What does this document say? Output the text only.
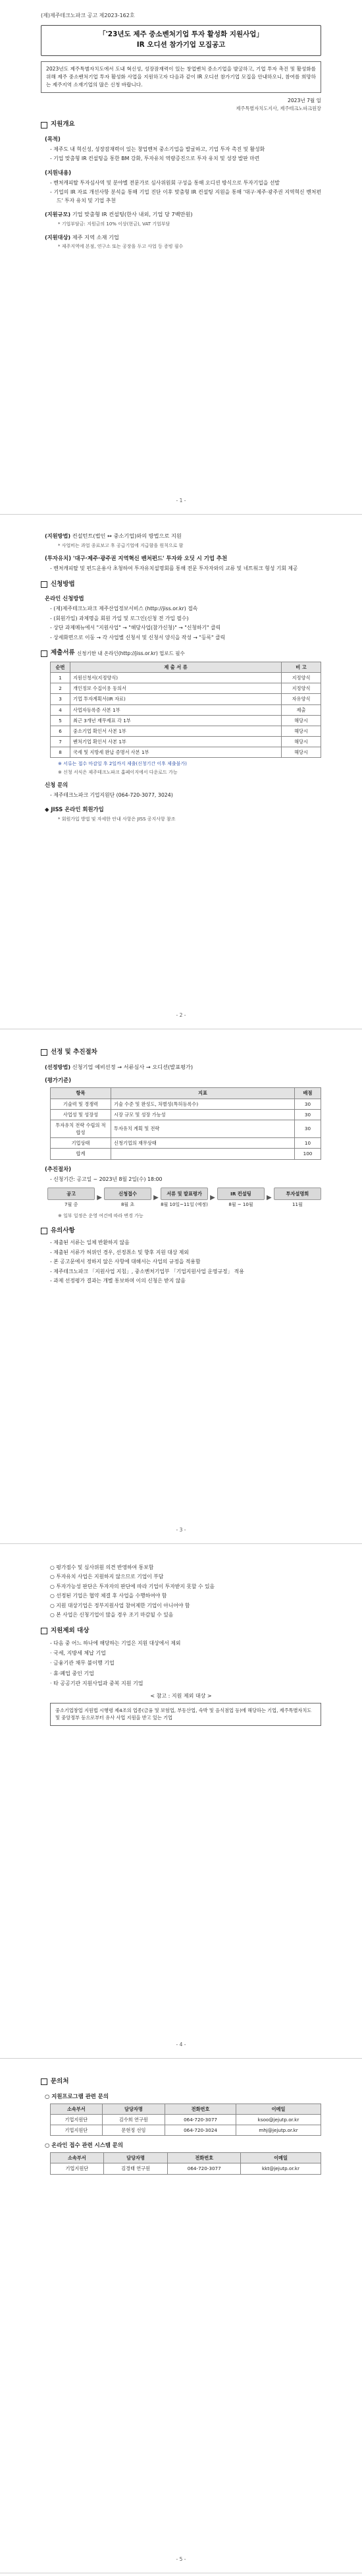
(제)제주테크노파크 공고 제2023-162호
「'23년도 제주 중소벤처기업 투자 활성화 지원사업」
IR 오디션 참가기업 모집공고
2023년도 제주특별자치도에서 도내 혁신성, 성장잠재력이 있는 창업벤처 중소기업을 발굴하고, 기업 투자 촉진 및 활성화를 위해 제주 중소벤처기업 투자 활성화 사업을 지원하고자 다음과 같이 IR 오디션 참가기업 모집을 안내하오니, 참여를 희망하는 제주지역 소재기업의 많은 신청 바랍니다.
2023년 7월 일
제주특별자치도지사, 제주테크노파크원장
지원개요
(목적)
- 제주도 내 혁신성, 성장잠재력이 있는 창업벤처 중소기업을 발굴하고, 기업 투자 촉진 및 활성화
- 기업 맞춤형 IR 컨설팅을 통한 BM 강화, 투자유치 역량증진으로 투자 유치 및 성장 발판 마련
(지원내용)
- 벤처캐피탈 투자심사역 및 분야별 전문가로 심사위원회 구성을 통해 오디션 방식으로 투자기업을 선발
- 기업의 IR 자료 개선사항 분석을 통해 기업 진단 이후 맞춤형 IR 컨설팅 지원을 통해 '대구·제주·광주권 지역혁신 벤처펀드' 투자 유치 및 기업 추천
(지원규모) 기업 맞춤형 IR 컨설팅(한사 내외, 기업 당 7백만원)
* 기업부담금: 지원금의 10% 이상(현금), VAT 기업부담
(지원대상) 제주 지역 소재 기업
* 제주지역에 본점, 연구소 또는 공장을 두고 사업 등 증빙 필수
- 1 -
(지원방법) 컨설턴트(법인 ↔ 중소기업)와의 방법으로 지원
* 사업비는 과업 종료보고 후 공급기업에 지급함을 원칙으로 함
(투자유치) '대구·제주·광주권 지역혁신 벤처펀드' 투자와 오딧 시 기업 추천
- 벤처캐피탈 및 펀드운용사 초청하여 투자유치설명회를 통해 전문 투자자와의 교류 및 네트워크 형성 기회 제공
신청방법
온라인 신청방법
- (제)제주테크노파크 제주산업정보서비스 (http://jiss.or.kr) 접속
- (회원가입) 과제명을 회원 가입 및 로그인(신청 전 가입 필수)
- 상단 과제메뉴에서 "지원사업" → "해당사업(참가신청)" → "신청하기" 클릭
- 상세화면으로 이동 → 각 사업별 신청서 및 신청서 양식을 작성 → "등록" 클릭
제출서류
신청기한 내 온라인(http://jiss.or.kr) 업로드 필수
순번	제 출 서 류	비 고
1	지원신청서(지정양식)	지정양식
2	개인정보 수집이용 동의서	지정양식
3	기업 투자계획서(IR 자료)	자유양식
4	사업자등록증 사본 1부	제출
5	최근 3개년 재무제표 각 1부	해당시
6	중소기업 확인서 사본 1부	해당시
7	벤처기업 확인서 사본 1부	해당시
8	국세 및 지방세 완납 증명서 사본 1부	해당시
※ 서류는 접수 마감일 후 2일까지 제출(신청기간 이후 제출불가)
※ 신청 서식은 제주테크노파크 홈페이지에서 다운로드 가능
신청 문의
- 제주테크노파크 기업지원단 (064-720-3077, 3024)
◆ JISS 온라인 회원가입
* 회원가입 방법 및 자세한 안내 사항은 JISS 공지사항 참조
- 2 -
선정 및 추진절차
(선정방법) 신청기업 예비선정 → 서류심사 → 오디션(발표평가)
(평가기준)
항목	지표	배점
기술력 및 경쟁력	기술 수준 및 완성도, 차별성(특허등록수)	30
사업성 및 성장성	시장 규모 및 성장 가능성	30
투자유치 전략 수립의 적합성	투자유치 계획 및 전략	30
기업상태	신청기업의 재무상태	10
합계		100
(추진절차)
- 신청기간: 공고일 ~ 2023년 8월 2일(수) 18:00
공고
7월 중
▶
신청접수
8월 초
▶
서류 및 발표평가
8월 10일~11일 (예정)
▶
IR 컨설팅
8월 ~ 10월
▶
투자설명회
11월
※ 일부 일정은 운영 여건에 따라 변경 가능
유의사항
- 제출된 서류는 일체 반환하지 않음
- 제출된 서류가 허위인 경우, 선정취소 및 향후 지원 대상 제외
- 본 공고문에서 정하지 않은 사항에 대해서는 사업의 규정을 적용함
- 제주테크노파크 「지원사업 지침」, 중소벤처기업부 「기업지원사업 운영규정」 적용
- 과제 선정평가 결과는 개별 통보하며 이의 신청은 받지 않음
- 3 -
○ 평가점수 및 심사위원 의견 반영하여 통보함
○ 투자유치 사업은 지원하지 않으므로 기업이 부담
○ 투자가능성 판단은 투자자의 판단에 따라 기업이 투자받지 못할 수 있음
○ 선정된 기업은 협약 체결 후 사업을 수행하여야 함
○ 지원 대상기업은 정부지원사업 참여제한 기업이 아니어야 함
○ 본 사업은 신청기업이 많을 경우 조기 마감될 수 있음
지원제외 대상
- 다음 중 어느 하나에 해당하는 기업은 지원 대상에서 제외
· 국세, 지방세 체납 기업
· 금융기관 채무 불이행 기업
· 휴·폐업 중인 기업
· 타 공공기관 지원사업과 중복 지원 기업
< 참고 : 지원 제외 대상 >
중소기업창업 지원법 시행령 제4조의 업종(금융 및 보험업, 부동산업, 숙박 및 음식점업 등)에 해당하는 기업, 제주특별자치도 및 중앙정부 등으로부터 유사 사업 지원을 받고 있는 기업
- 4 -
문의처
○ 지원프로그램 관련 문의
소속부서	담당자명	전화번호	이메일
기업지원단	김수희 연구원	064-720-3077	ksoo@jejutp.or.kr
기업지원단	문현정 선임	064-720-3024	mhj@jejutp.or.kr
○ 온라인 접수 관련 시스템 문의
소속부서	담당자명	전화번호	이메일
기업지원단	김경태 연구원	064-720-3077	kkt@jejutp.or.kr
- 5 -
